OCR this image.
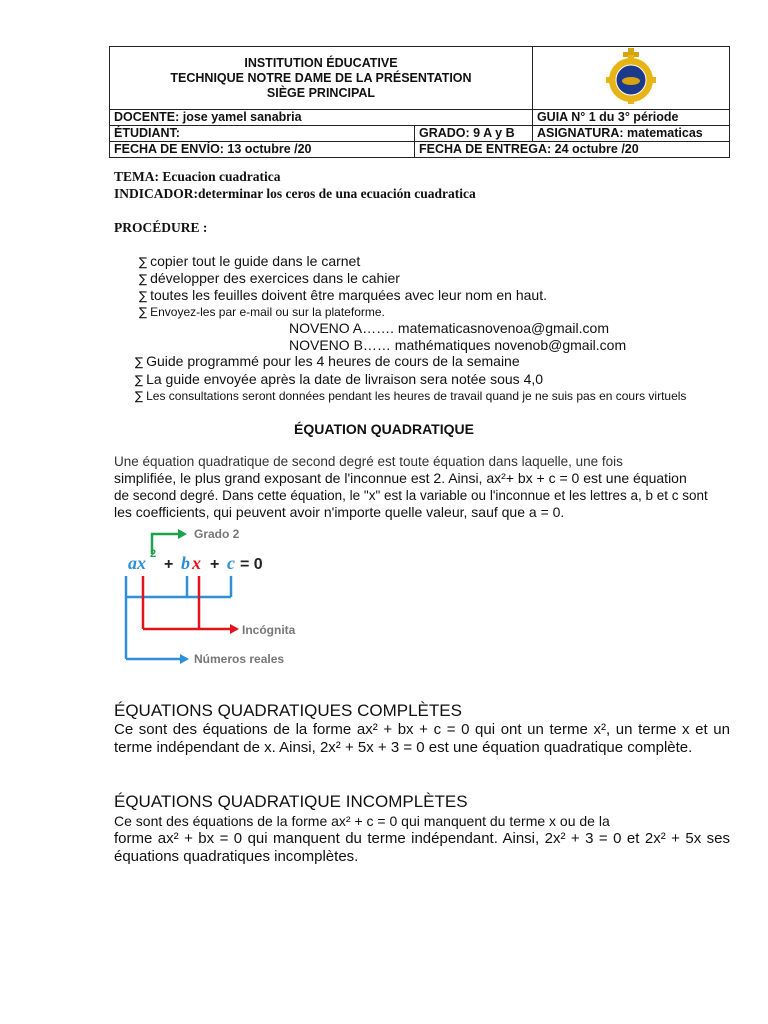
INSTITUTION ÉDUCATIVE
TECHNIQUE NOTRE DAME DE LA PRÉSENTATION
SIÈGE PRINCIPAL

DOCENTE: jose yamel sanabria		GUIA N° 1 du 3° période
ÉTUDIANT:	GRADO: 9 A y B	ASIGNATURA: matematicas
FECHA DE ENVÍO: 13 octubre /20	FECHA DE ENTREGA: 24 octubre /20	
TEMA: Ecuacion cuadratica
INDICADOR:determinar los ceros de una ecuación cuadratica
PROCÉDURE :
∑ copier tout le guide dans le carnet
∑ développer des exercices dans le cahier
∑ toutes les feuilles doivent être marquées avec leur nom en haut.
∑ Envoyez-les par e-mail ou sur la plateforme.
NOVENO A……. matematicasnovenoa@gmail.com
NOVENO B…… mathématiques novenob@gmail.com
∑ Guide programmé pour les 4 heures de cours de la semaine
∑ La guide envoyée après la date de livraison sera notée sous 4,0
∑ Les consultations seront données pendant les heures de travail quand je ne suis pas en cours virtuels
ÉQUATION QUADRATIQUE
Une équation quadratique de second degré est toute équation dans laquelle, une fois
simplifiée, le plus grand exposant de l'inconnue est 2. Ainsi, ax²+ bx + c = 0 est une équation
de second degré. Dans cette équation, le "x" est la variable ou l'inconnue et les lettres a, b et c sont
les coefficients, qui peuvent avoir n'importe quelle valeur, sauf que a = 0.
Grado 2
ax 2
+ b x + c = 0
Incógnita
Números reales
ÉQUATIONS QUADRATIQUES COMPLÈTES
Ce sont des équations de la forme ax² + bx + c = 0 qui ont un terme x², un terme x et un terme indépendant de x. Ainsi, 2x² + 5x + 3 = 0 est une équation quadratique complète.
ÉQUATIONS QUADRATIQUE INCOMPLÈTES
Ce sont des équations de la forme ax² + c = 0 qui manquent du terme x ou de la
forme ax² + bx = 0 qui manquent du terme indépendant. Ainsi, 2x² + 3 = 0 et 2x² + 5x ses équations quadratiques incomplètes.
